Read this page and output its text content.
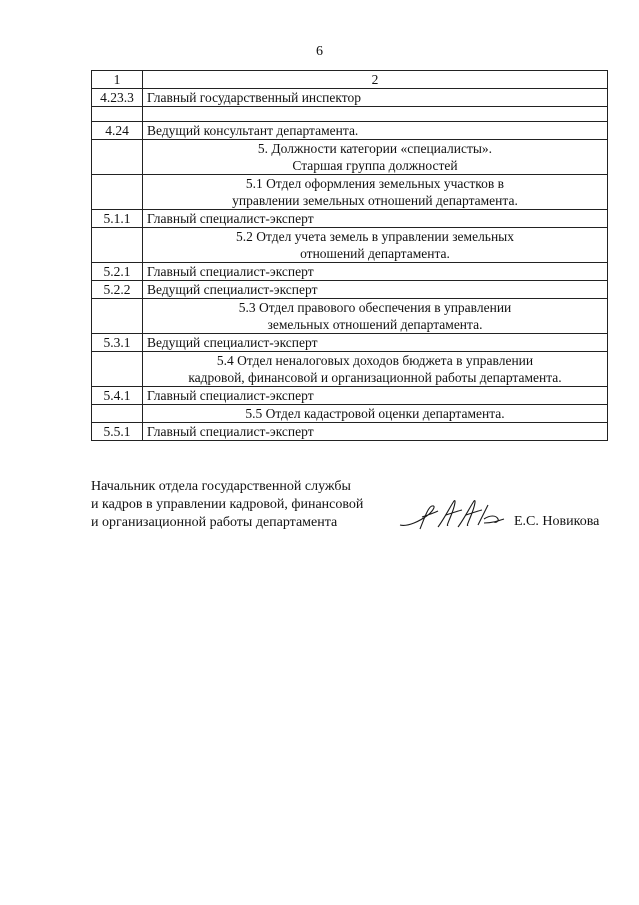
6
1	2
4.23.3	Главный государственный инспектор

4.24	Ведущий консультант департамента.

	5. Должности категории «специалисты».
Старшая группа должностей

	5.1 Отдел оформления земельных участков в
управлении земельных отношений департамента.

5.1.1	Главный специалист-эксперт

	5.2 Отдел учета земель в управлении земельных
отношений департамента.

5.2.1	Главный специалист-эксперт
5.2.2	Ведущий специалист-эксперт

	5.3 Отдел правового обеспечения в управлении
земельных отношений департамента.

5.3.1	Ведущий специалист-эксперт

	5.4 Отдел неналоговых доходов бюджета в управлении
кадровой, финансовой и организационной работы департамента.

5.4.1	Главный специалист-эксперт

	5.5 Отдел кадастровой оценки департамента.

5.5.1	Главный специалист-эксперт
Начальник отдела государственной службы
и кадров в управлении кадровой, финансовой
и организационной работы департамента	Е.С. Новикова
